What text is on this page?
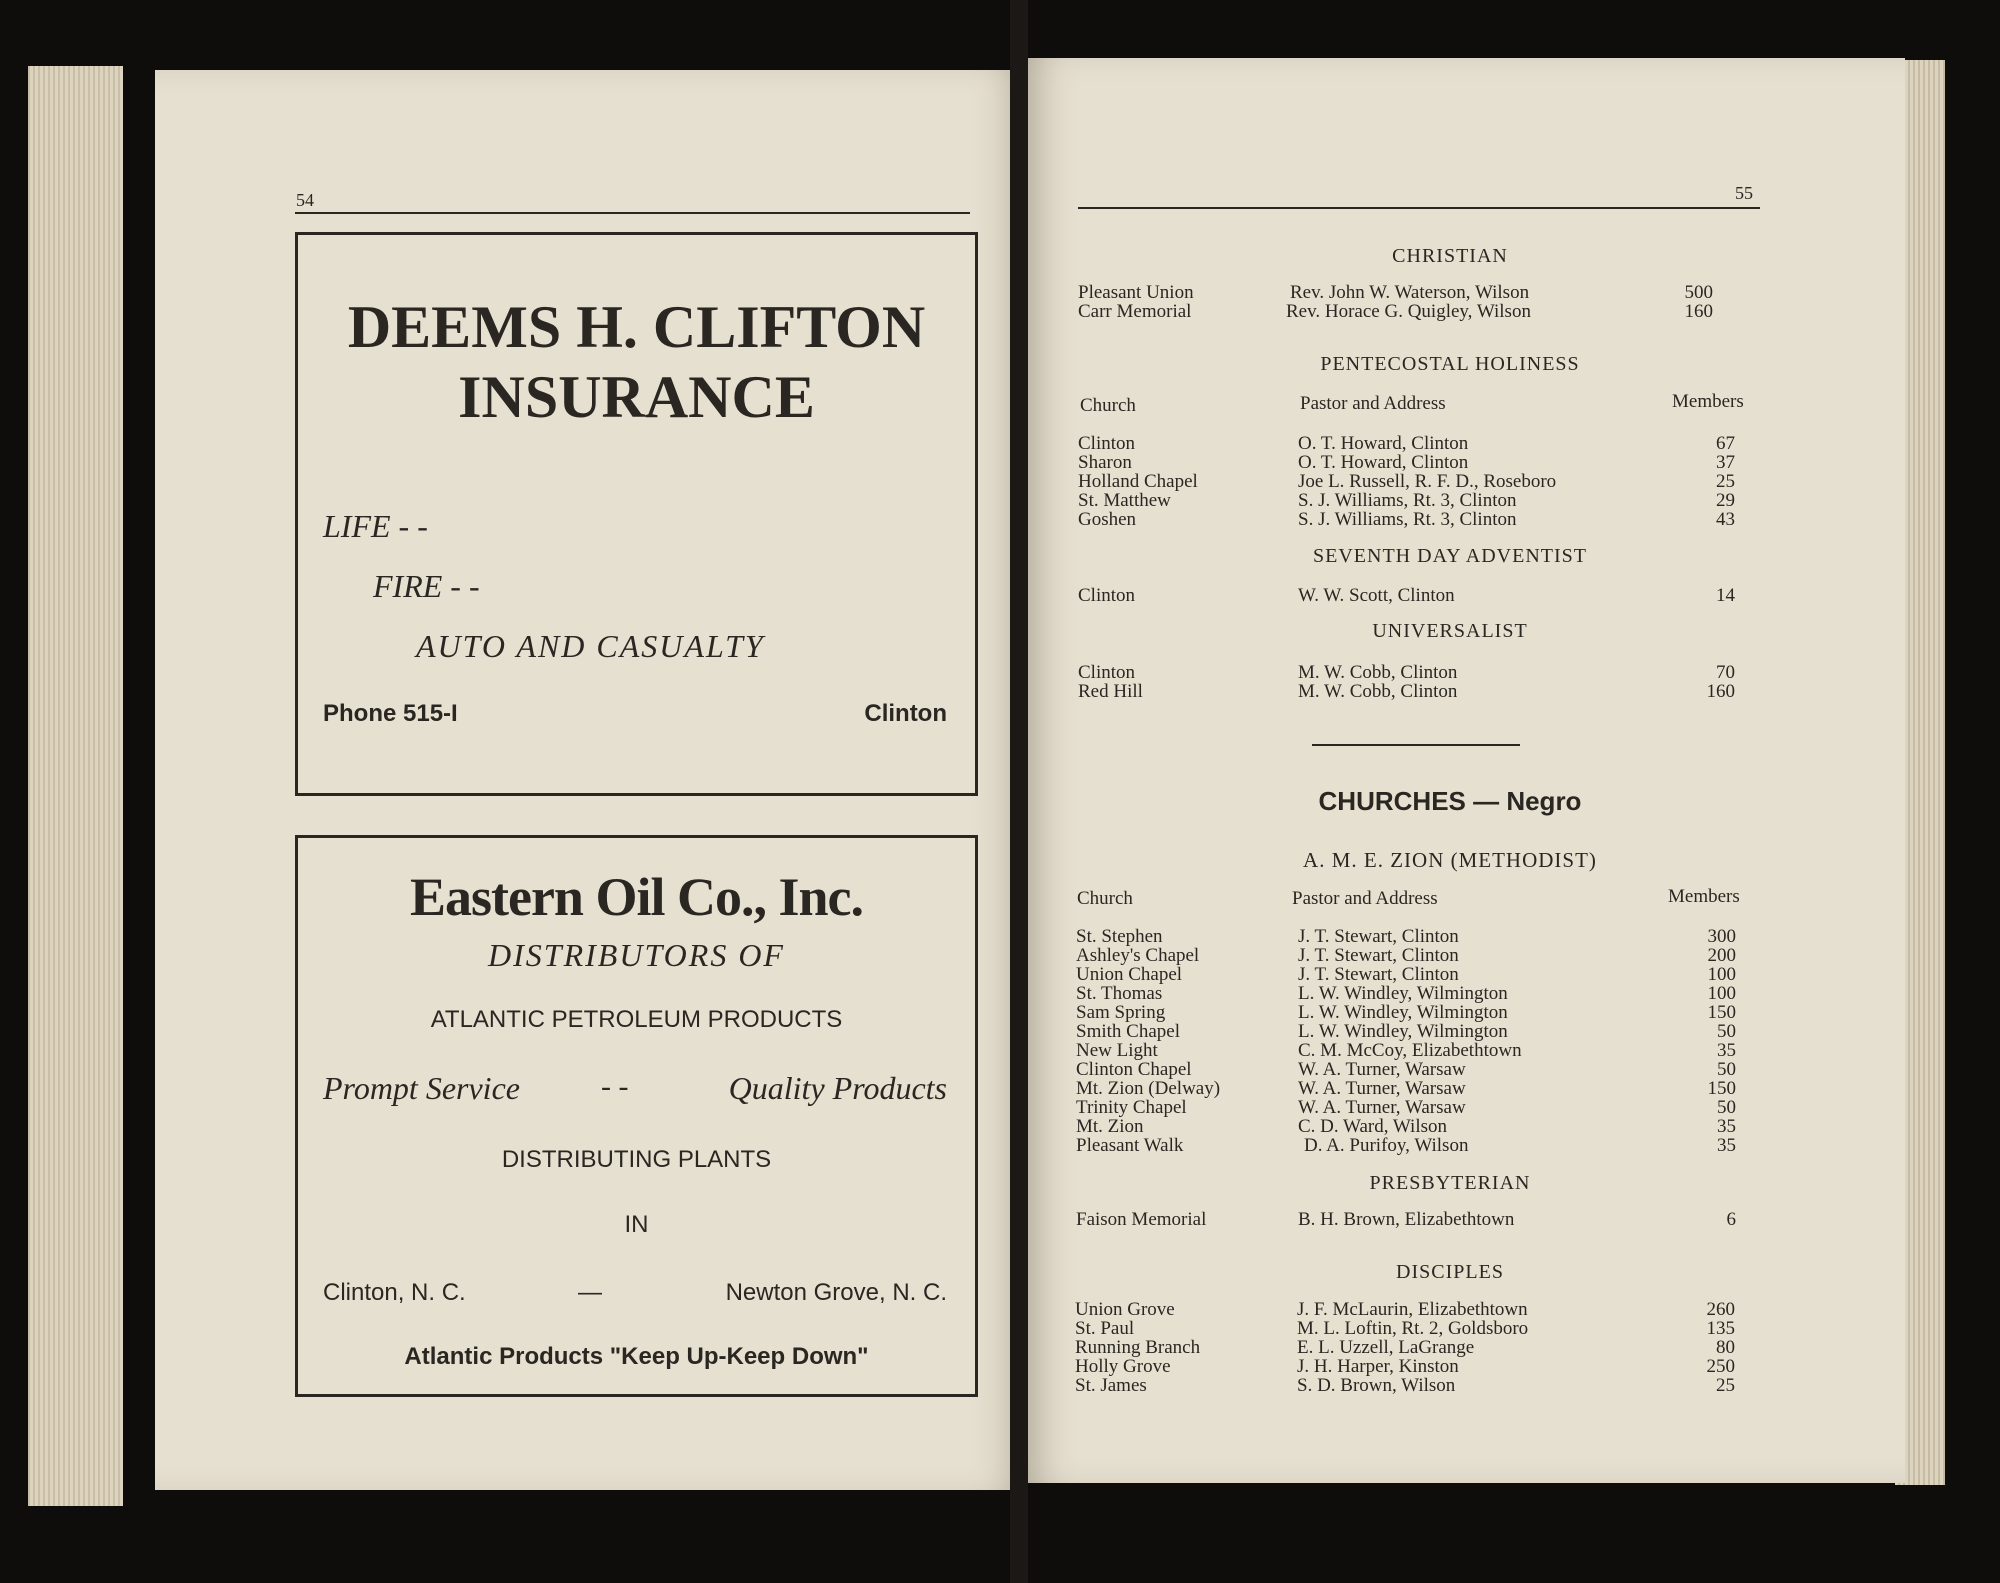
54
DEEMS H. CLIFTON
INSURANCE
LIFE - -
FIRE - -
AUTO AND CASUALTY
Phone 515-I	Clinton
Eastern Oil Co., Inc.
DISTRIBUTORS OF
ATLANTIC PETROLEUM PRODUCTS
Prompt Service	- -	Quality Products
DISTRIBUTING PLANTS
IN
Clinton, N. C.	—	Newton Grove, N. C.
Atlantic Products "Keep Up-Keep Down"
55
CHRISTIAN
Pleasant Union	Rev. John W. Waterson, Wilson	500
Carr Memorial	Rev. Horace G. Quigley, Wilson	160
PENTECOSTAL HOLINESS
Church	Pastor and Address	Members
Clinton	O. T. Howard, Clinton	67
Sharon	O. T. Howard, Clinton	37
Holland Chapel	Joe L. Russell, R. F. D., Roseboro	25
St. Matthew	S. J. Williams, Rt. 3, Clinton	29
Goshen	S. J. Williams, Rt. 3, Clinton	43
SEVENTH DAY ADVENTIST
Clinton	W. W. Scott, Clinton	14
UNIVERSALIST
Clinton	M. W. Cobb, Clinton	70
Red Hill	M. W. Cobb, Clinton	160
CHURCHES — Negro
A. M. E. ZION (METHODIST)
Church	Pastor and Address	Members
St. Stephen	J. T. Stewart, Clinton	300
Ashley's Chapel	J. T. Stewart, Clinton	200
Union Chapel	J. T. Stewart, Clinton	100
St. Thomas	L. W. Windley, Wilmington	100
Sam Spring	L. W. Windley, Wilmington	150
Smith Chapel	L. W. Windley, Wilmington	50
New Light	C. M. McCoy, Elizabethtown	35
Clinton Chapel	W. A. Turner, Warsaw	50
Mt. Zion (Delway)	W. A. Turner, Warsaw	150
Trinity Chapel	W. A. Turner, Warsaw	50
Mt. Zion	C. D. Ward, Wilson	35
Pleasant Walk	D. A. Purifoy, Wilson	35
PRESBYTERIAN
Faison Memorial	B. H. Brown, Elizabethtown	6
DISCIPLES
Union Grove	J. F. McLaurin, Elizabethtown	260
St. Paul	M. L. Loftin, Rt. 2, Goldsboro	135
Running Branch	E. L. Uzzell, LaGrange	80
Holly Grove	J. H. Harper, Kinston	250
St. James	S. D. Brown, Wilson	25
